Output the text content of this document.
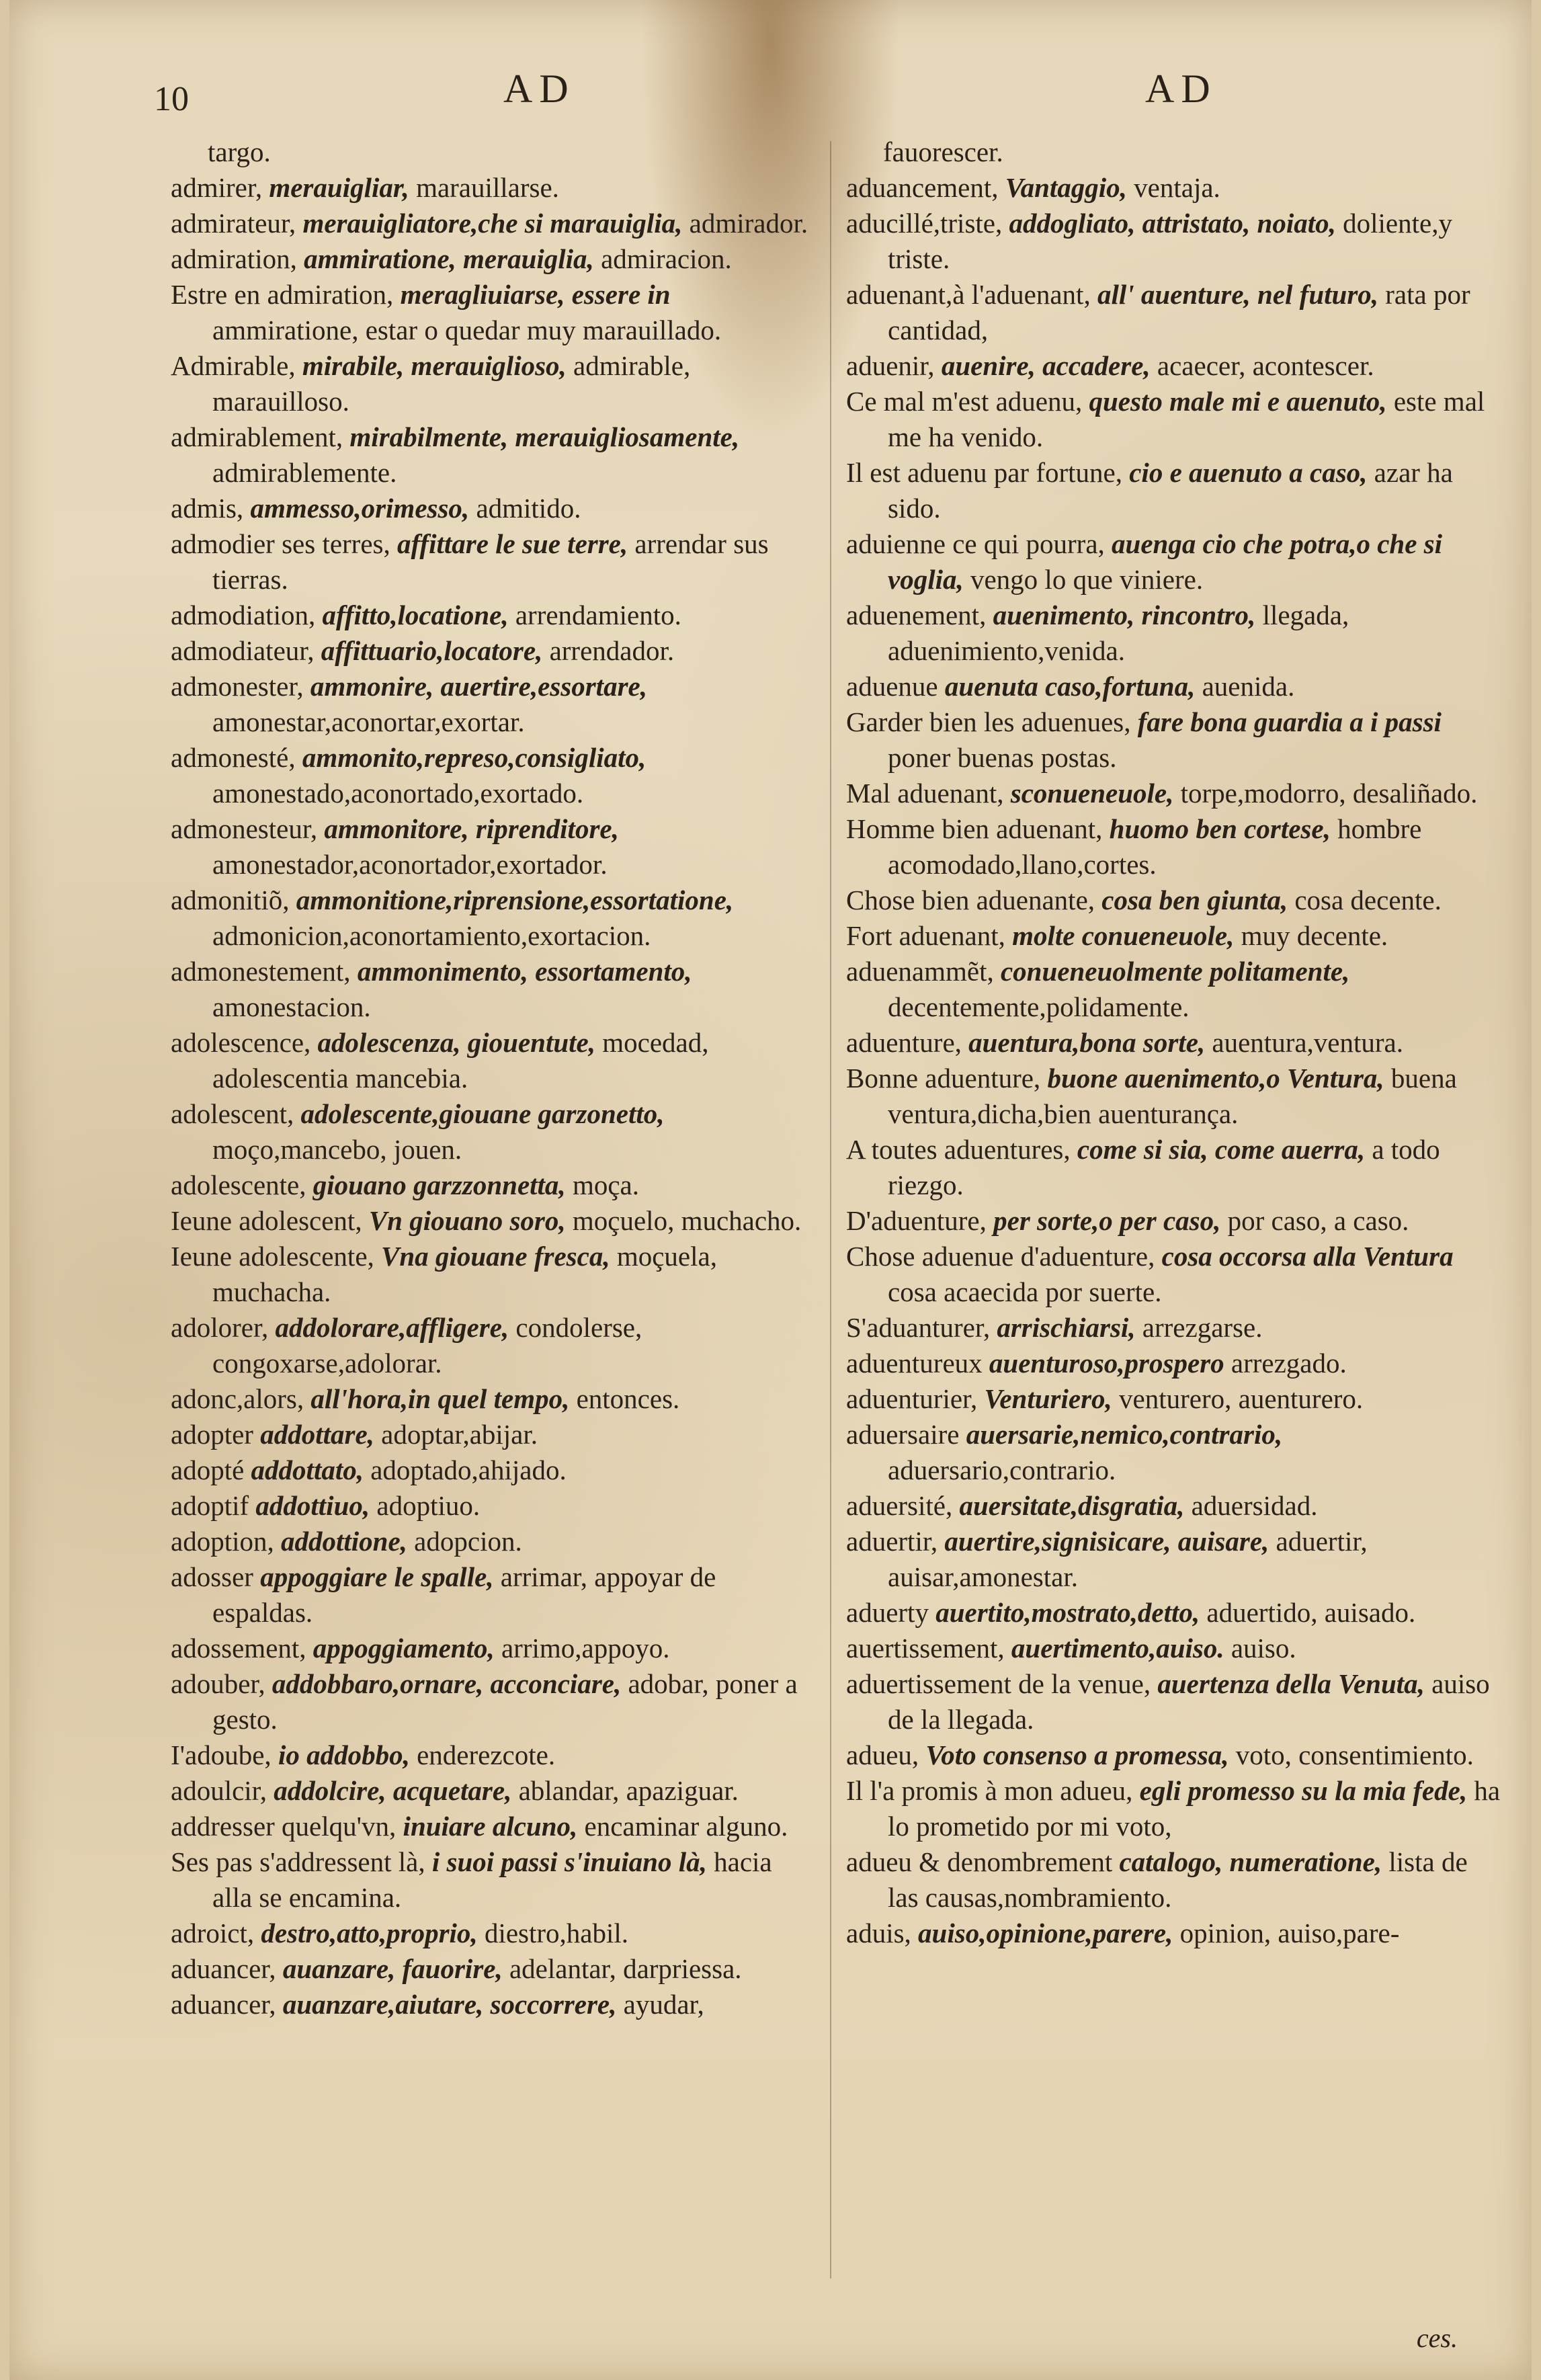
10	AD	AD
targo.
admirer, merauigliar, marauillarse.
admirateur, merauigliatore,che si marauiglia, admirador.
admiration, ammiratione, merauiglia, admiracion.
Estre en admiration, meragliuiarse, essere in ammiratione, estar o quedar muy marauillado.
Admirable, mirabile, merauiglioso, admirable, marauilloso.
admirablement, mirabilmente, merauigliosamente, admirablemente.
admis, ammesso,orimesso, admitido.
admodier ses terres, affittare le sue terre, arrendar sus tierras.
admodiation, affitto,locatione, arrendamiento.
admodiateur, affittuario,locatore, arrendador.
admonester, ammonire, auertire,essortare, amonestar,aconortar,exortar.
admonesté, ammonito,represo,consigliato, amonestado,aconortado,exortado.
admonesteur, ammonitore, riprenditore, amonestador,aconortador,exortador.
admonitiõ, ammonitione,riprensione,essortatione, admonicion,aconortamiento,exortacion.
admonestement, ammonimento, essortamento, amonestacion.
adolescence, adolescenza, giouentute, mocedad, adolescentia mancebia.
adolescent, adolescente,giouane garzonetto, moço,mancebo, jouen.
adolescente, giouano garzzonnetta, moça.
Ieune adolescent, Vn giouano soro, moçuelo, muchacho.
Ieune adolescente, Vna giouane fresca, moçuela, muchacha.
adolorer, addolorare,affligere, condolerse, congoxarse,adolorar.
adonc,alors, all'hora,in quel tempo, entonces.
adopter addottare, adoptar,abijar.
adopté addottato, adoptado,ahijado.
adoptif addottiuo, adoptiuo.
adoption, addottione, adopcion.
adosser appoggiare le spalle, arrimar, appoyar de espaldas.
adossement, appoggiamento, arrimo,appoyo.
adouber, addobbaro,ornare, acconciare, adobar, poner a gesto.
I'adoube, io addobbo, enderezcote.
adoulcir, addolcire, acquetare, ablandar, apaziguar.
addresser quelqu'vn, inuiare alcuno, encaminar alguno.
Ses pas s'addressent là, i suoi passi s'inuiano là, hacia alla se encamina.
adroict, destro,atto,proprio, diestro,habil.
aduancer, auanzare, fauorire, adelantar, darpriessa.
aduancer, auanzare,aiutare, soccorrere, ayudar,
fauorescer.
aduancement, Vantaggio, ventaja.
aducillé,triste, addogliato, attristato, noiato, doliente,y triste.
aduenant,à l'aduenant, all' auenture, nel futuro, rata por cantidad,
aduenir, auenire, accadere, acaecer, acontescer.
Ce mal m'est aduenu, questo male mi e auenuto, este mal me ha venido.
Il est aduenu par fortune, cio e auenuto a caso, azar ha sido.
aduienne ce qui pourra, auenga cio che potra,o che si voglia, vengo lo que viniere.
aduenement, auenimento, rincontro, llegada, aduenimiento,venida.
aduenue auenuta caso,fortuna, auenida.
Garder bien les aduenues, fare bona guardia a i passi poner buenas postas.
Mal aduenant, sconueneuole, torpe,modorro, desaliñado.
Homme bien aduenant, huomo ben cortese, hombre acomodado,llano,cortes.
Chose bien aduenante, cosa ben giunta, cosa decente.
Fort aduenant, molte conueneuole, muy decente.
aduenammẽt, conueneuolmente politamente, decentemente,polidamente.
aduenture, auentura,bona sorte, auentura,ventura.
Bonne aduenture, buone auenimento,o Ventura, buena ventura,dicha,bien auenturança.
A toutes aduentures, come si sia, come auerra, a todo riezgo.
D'aduenture, per sorte,o per caso, por caso, a caso.
Chose aduenue d'aduenture, cosa occorsa alla Ventura cosa acaecida por suerte.
S'aduanturer, arrischiarsi, arrezgarse.
aduentureux auenturoso,prospero arrezgado.
aduenturier, Venturiero, venturero, auenturero.
aduersaire auersarie,nemico,contrario, aduersario,contrario.
aduersité, auersitate,disgratia, aduersidad.
aduertir, auertire,signisicare, auisare, aduertir, auisar,amonestar.
aduerty auertito,mostrato,detto, aduertido, auisado.
auertissement, auertimento,auiso. auiso.
aduertissement de la venue, auertenza della Venuta, auiso de la llegada.
adueu, Voto consenso a promessa, voto, consentimiento.
Il l'a promis à mon adueu, egli promesso su la mia fede, ha lo prometido por mi voto,
adueu & denombrement catalogo, numeratione, lista de las causas,nombramiento.
aduis, auiso,opinione,parere, opinion, auiso,pare-
ces.
